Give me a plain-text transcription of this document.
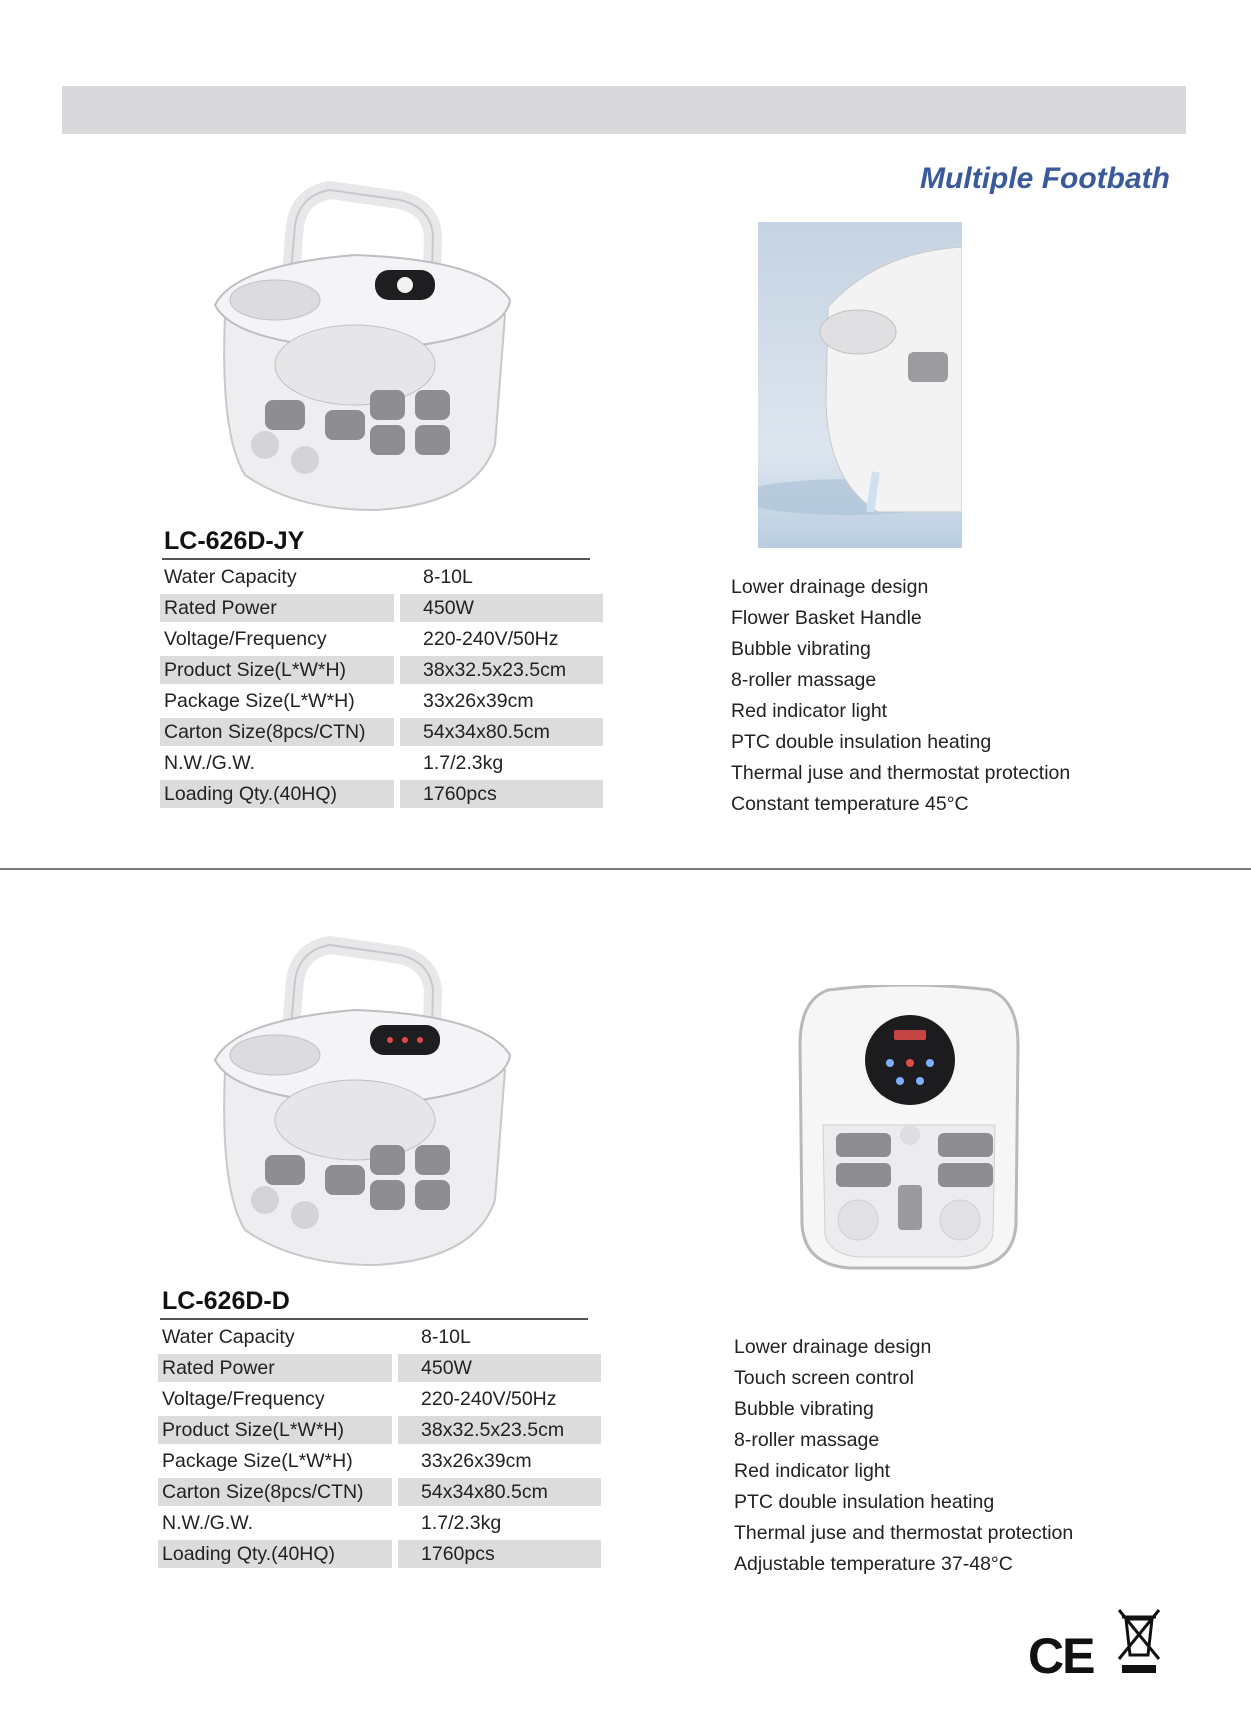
Multiple Footbath
LC-626D-JY
Water Capacity		8-10L
Rated Power		450W
Voltage/Frequency		220-240V/50Hz
Product Size(L*W*H)		38x32.5x23.5cm
Package Size(L*W*H)		33x26x39cm
Carton Size(8pcs/CTN)		54x34x80.5cm
N.W./G.W.		1.7/2.3kg
Loading Qty.(40HQ)		1760pcs
Lower drainage design
Flower Basket Handle
Bubble vibrating
8-roller massage
Red indicator light
PTC double insulation heating
Thermal juse and thermostat protection
Constant temperature 45°C
LC-626D-D
Water Capacity		8-10L
Rated Power		450W
Voltage/Frequency		220-240V/50Hz
Product Size(L*W*H)		38x32.5x23.5cm
Package Size(L*W*H)		33x26x39cm
Carton Size(8pcs/CTN)		54x34x80.5cm
N.W./G.W.		1.7/2.3kg
Loading Qty.(40HQ)		1760pcs
Lower drainage design
Touch screen control
Bubble vibrating
8-roller massage
Red indicator light
PTC double insulation heating
Thermal juse and thermostat protection
Adjustable temperature 37-48°C
CE
